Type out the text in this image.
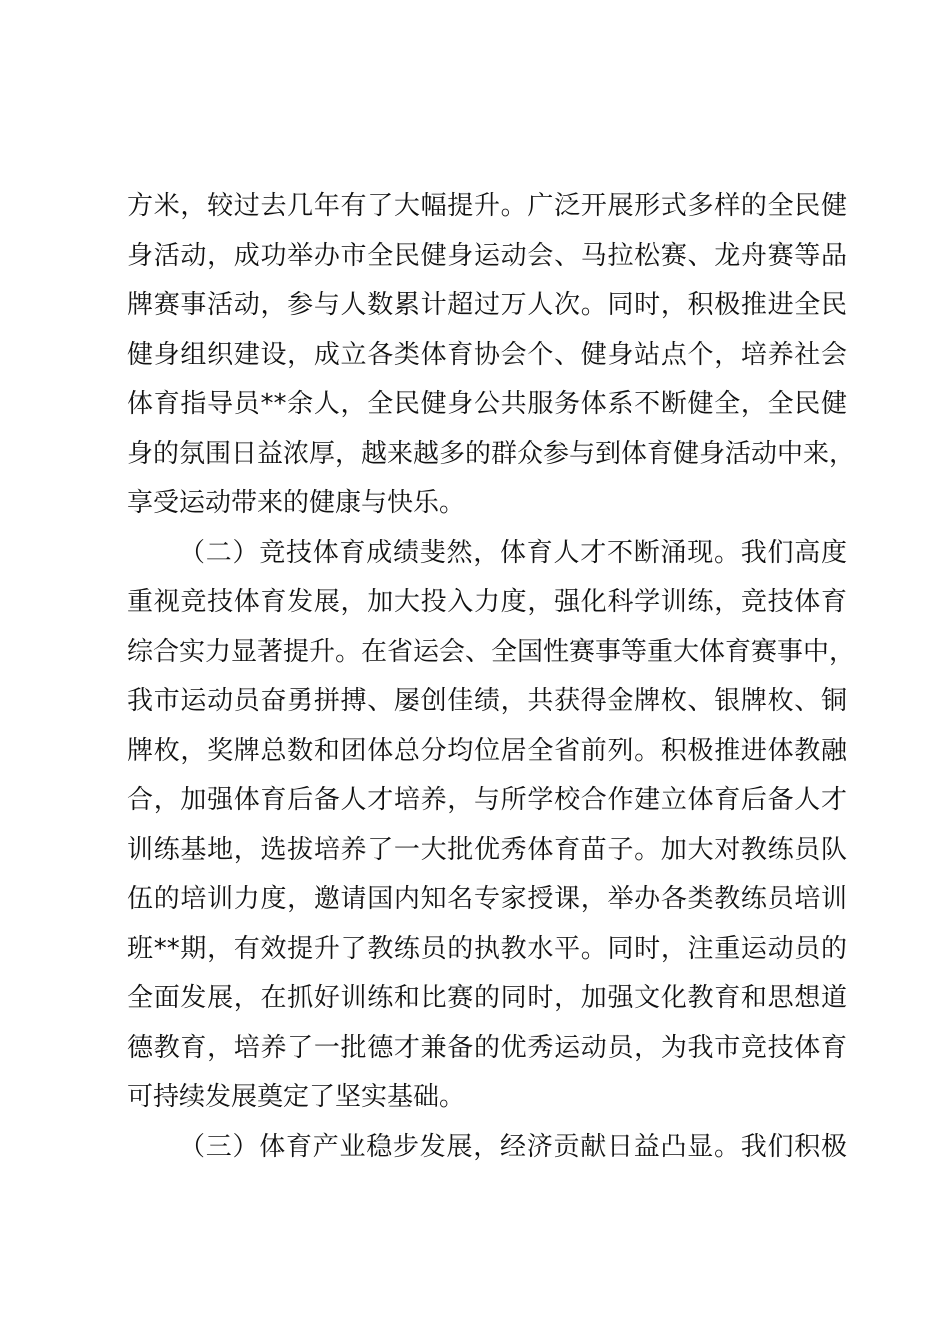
方米，较过去几年有了大幅提升。广泛开展形式多样的全民健
身活动，成功举办市全民健身运动会、马拉松赛、龙舟赛等品
牌赛事活动，参与人数累计超过万人次。同时，积极推进全民
健身组织建设，成立各类体育协会个、健身站点个，培养社会
体育指导员**余人，全民健身公共服务体系不断健全，全民健
身的氛围日益浓厚，越来越多的群众参与到体育健身活动中来，
享受运动带来的健康与快乐。
（二）竞技体育成绩斐然，体育人才不断涌现。我们高度
重视竞技体育发展，加大投入力度，强化科学训练，竞技体育
综合实力显著提升。在省运会、全国性赛事等重大体育赛事中，
我市运动员奋勇拼搏、屡创佳绩，共获得金牌枚、银牌枚、铜
牌枚，奖牌总数和团体总分均位居全省前列。积极推进体教融
合，加强体育后备人才培养，与所学校合作建立体育后备人才
训练基地，选拔培养了一大批优秀体育苗子。加大对教练员队
伍的培训力度，邀请国内知名专家授课，举办各类教练员培训
班**期，有效提升了教练员的执教水平。同时，注重运动员的
全面发展，在抓好训练和比赛的同时，加强文化教育和思想道
德教育，培养了一批德才兼备的优秀运动员，为我市竞技体育
可持续发展奠定了坚实基础。
（三）体育产业稳步发展，经济贡献日益凸显。我们积极
